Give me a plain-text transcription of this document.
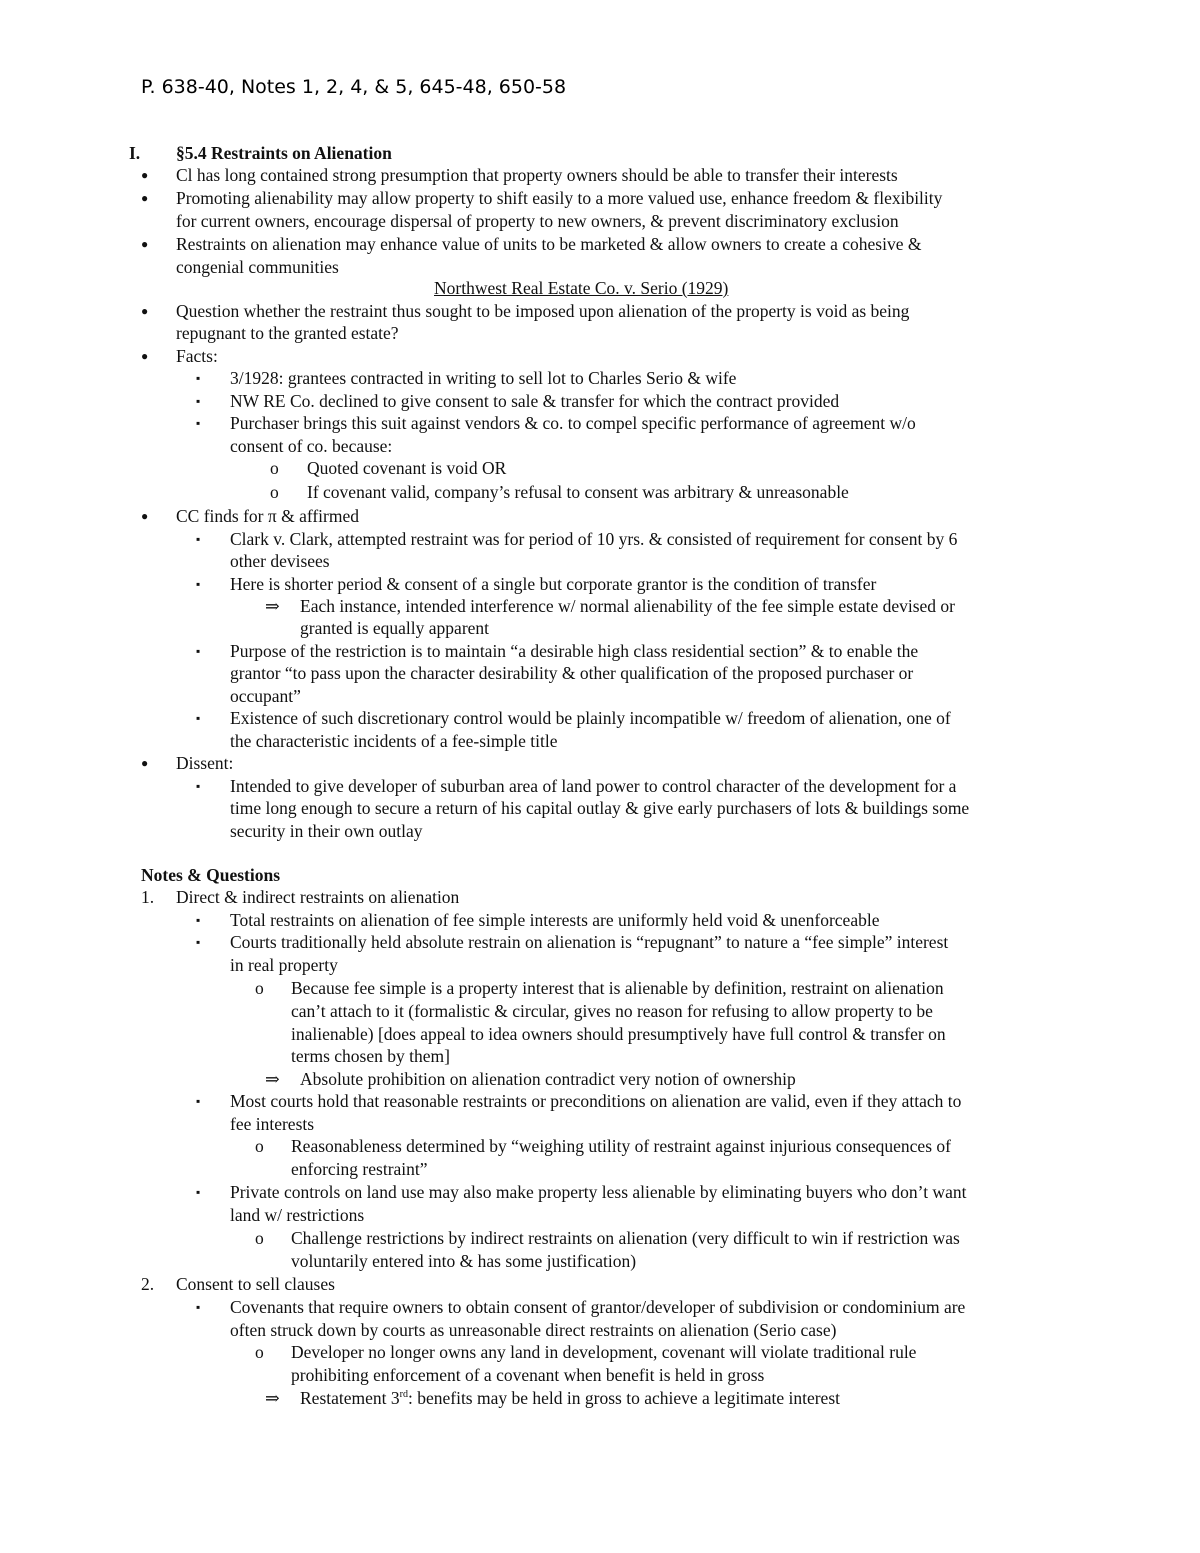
P. 638-40, Notes 1, 2, 4, & 5, 645-48, 650-58
I. §5.4 Restraints on Alienation
● Cl has long contained strong presumption that property owners should be able to transfer their interests
● Promoting alienability may allow property to shift easily to a more valued use, enhance freedom & flexibility
for current owners, encourage dispersal of property to new owners, & prevent discriminatory exclusion
● Restraints on alienation may enhance value of units to be marketed & allow owners to create a cohesive &
congenial communities
Northwest Real Estate Co. v. Serio (1929)
● Question whether the restraint thus sought to be imposed upon alienation of the property is void as being
repugnant to the granted estate?
● Facts:
▪ 3/1928: grantees contracted in writing to sell lot to Charles Serio & wife
▪ NW RE Co. declined to give consent to sale & transfer for which the contract provided
▪ Purchaser brings this suit against vendors & co. to compel specific performance of agreement w/o
consent of co. because:
o Quoted covenant is void OR
o If covenant valid, company’s refusal to consent was arbitrary & unreasonable
● CC finds for π & affirmed
▪ Clark v. Clark, attempted restraint was for period of 10 yrs. & consisted of requirement for consent by 6
other devisees
▪ Here is shorter period & consent of a single but corporate grantor is the condition of transfer
⇒ Each instance, intended interference w/ normal alienability of the fee simple estate devised or
granted is equally apparent
▪ Purpose of the restriction is to maintain “a desirable high class residential section” & to enable the
grantor “to pass upon the character desirability & other qualification of the proposed purchaser or
occupant”
▪ Existence of such discretionary control would be plainly incompatible w/ freedom of alienation, one of
the characteristic incidents of a fee-simple title
● Dissent:
▪ Intended to give developer of suburban area of land power to control character of the development for a
time long enough to secure a return of his capital outlay & give early purchasers of lots & buildings some
security in their own outlay
Notes & Questions
1. Direct & indirect restraints on alienation
▪ Total restraints on alienation of fee simple interests are uniformly held void & unenforceable
▪ Courts traditionally held absolute restrain on alienation is “repugnant” to nature a “fee simple” interest
in real property
o Because fee simple is a property interest that is alienable by definition, restraint on alienation
can’t attach to it (formalistic & circular, gives no reason for refusing to allow property to be
inalienable) [does appeal to idea owners should presumptively have full control & transfer on
terms chosen by them]
⇒ Absolute prohibition on alienation contradict very notion of ownership
▪ Most courts hold that reasonable restraints or preconditions on alienation are valid, even if they attach to
fee interests
o Reasonableness determined by “weighing utility of restraint against injurious consequences of
enforcing restraint”
▪ Private controls on land use may also make property less alienable by eliminating buyers who don’t want
land w/ restrictions
o Challenge restrictions by indirect restraints on alienation (very difficult to win if restriction was
voluntarily entered into & has some justification)
2. Consent to sell clauses
▪ Covenants that require owners to obtain consent of grantor/developer of subdivision or condominium are
often struck down by courts as unreasonable direct restraints on alienation (Serio case)
o Developer no longer owns any land in development, covenant will violate traditional rule
prohibiting enforcement of a covenant when benefit is held in gross
⇒ Restatement 3rd: benefits may be held in gross to achieve a legitimate interest
